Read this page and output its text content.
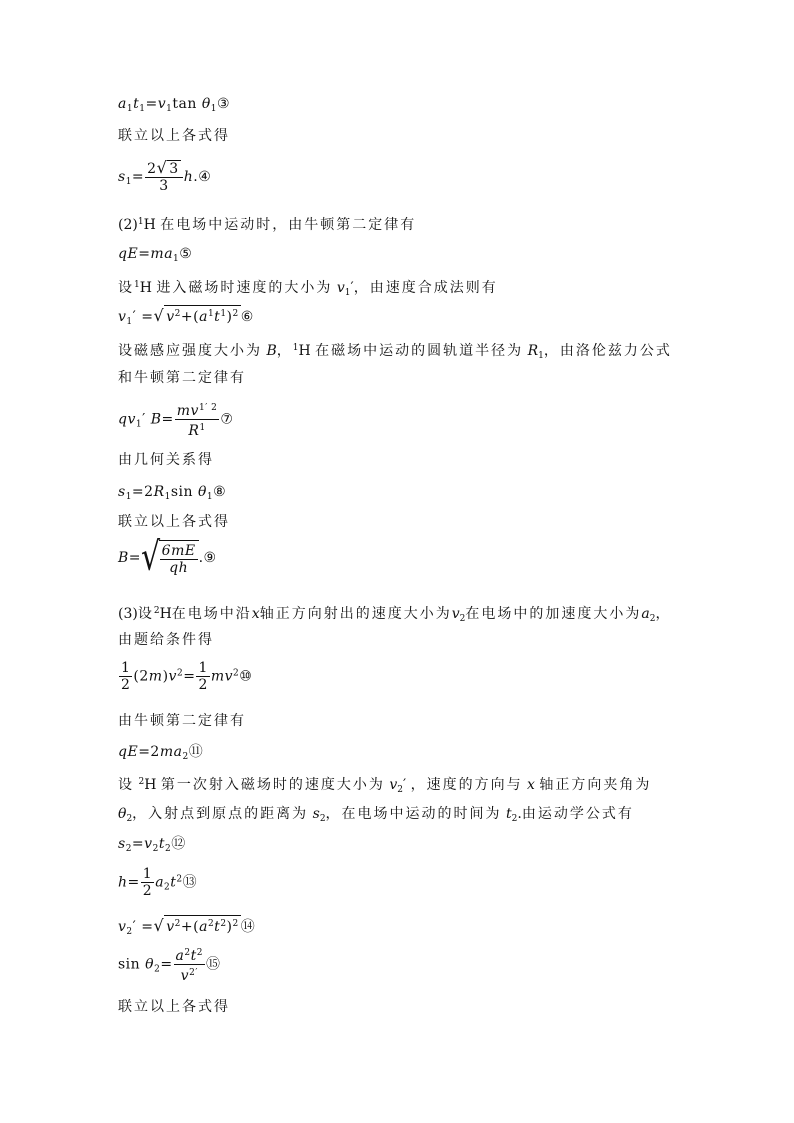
$a_1t_1=v_1\tan$ $\theta_1③$
联立以上各式得
$s_1= \frac{2√ 3}{3}$ h.④
$(2)^1H$ 在电场中运动时，由牛顿第二定律有
$qE=ma_1⑤$
设$^1$H 进入磁场时速度的大小为 $v_1'$，由速度合成法则有
$v_1'$ =√ $v^2+(a^1t^1)^2$ ⑥
设磁感应强度大小为 B，$^1$H 在磁场中运动的圆轨道半径为 $R_1$，由洛伦兹力公式
和牛顿第二定律有
$qv_1'$ $B= \frac{mv^{1' 2}}{R^1}$ ⑦
由几何关系得
$s_1=2R_1\sin$ $\theta_1⑧$
联立以上各式得
$B=√ \frac{6mE}{qh}$ .⑨
(3)设$^2$H在电场中沿x轴正方向射出的速度大小为$v_2$在电场中的加速度大小为$a_2$，
由题给条件得
$\frac{1}{2} (2m)v^2= \frac{1}{2}$ $mv^2⑩$
由牛顿第二定律有
$qE=2ma_2⑪$
设 $^2$H 第一次射入磁场时的速度大小为 $v_2'$ ，速度的方向与 x 轴正方向夹角为
$\theta_2$，入射点到原点的距离为 $s_2$，在电场中运动的时间为 $t_2$.由运动学公式有
$s_2=v_2t_2⑫$
$h= \frac{1}{2}$ $a_2t^2⑬$
$v_2'$ =√ $v^2+(a^2t^2)^2$ ⑭
$\sin \theta_2= \frac{a^2t^2}{v^{2'}}$ ⑮
联立以上各式得
